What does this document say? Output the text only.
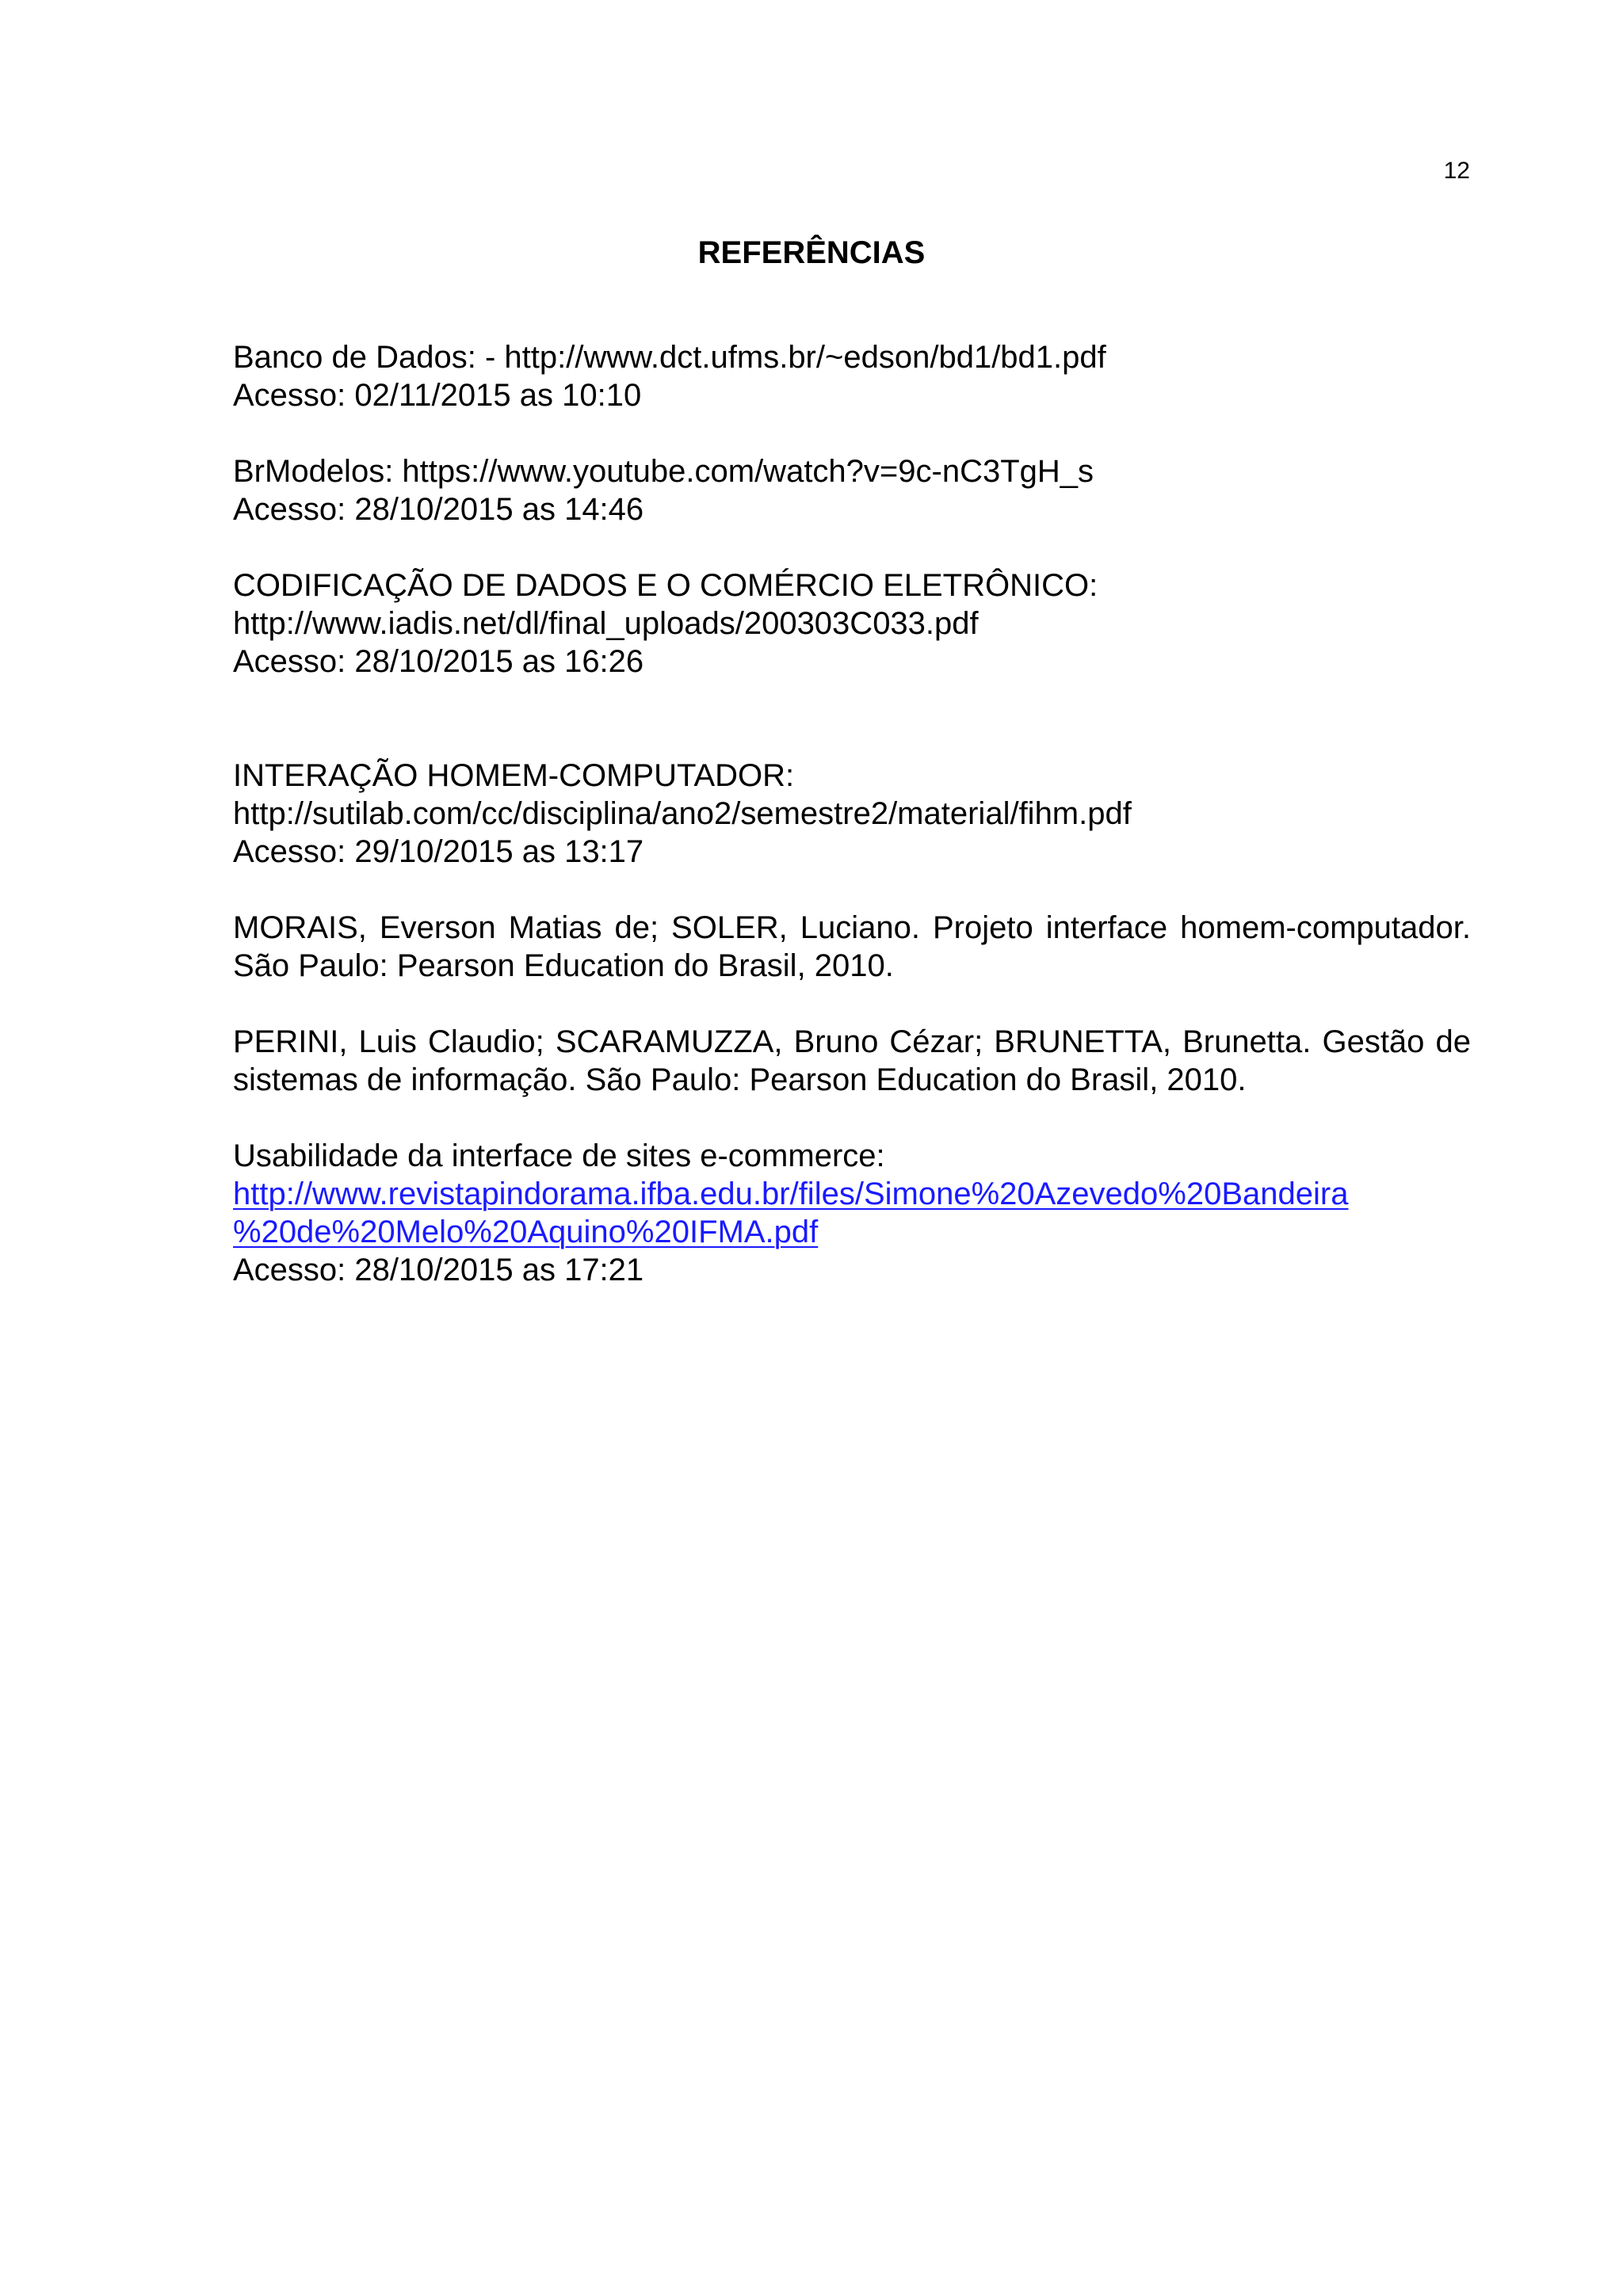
12
REFERÊNCIAS
Banco de Dados: - http://www.dct.ufms.br/~edson/bd1/bd1.pdf
Acesso: 02/11/2015 as 10:10
BrModelos: https://www.youtube.com/watch?v=9c-nC3TgH_s
Acesso: 28/10/2015 as 14:46
CODIFICAÇÃO DE DADOS E O COMÉRCIO ELETRÔNICO:
http://www.iadis.net/dl/final_uploads/200303C033.pdf
Acesso: 28/10/2015 as 16:26
INTERAÇÃO HOMEM-COMPUTADOR:
http://sutilab.com/cc/disciplina/ano2/semestre2/material/fihm.pdf
Acesso: 29/10/2015 as 13:17

MORAIS, Everson Matias de; SOLER, Luciano. Projeto interface homem-computador. São Paulo: Pearson Education do Brasil, 2010.

PERINI, Luis Claudio; SCARAMUZZA, Bruno Cézar; BRUNETTA, Brunetta. Gestão de sistemas de informação. São Paulo: Pearson Education do Brasil, 2010.

Usabilidade da interface de sites e-commerce:
http://www.revistapindorama.ifba.edu.br/files/Simone%20Azevedo%20Bandeira
%20de%20Melo%20Aquino%20IFMA.pdf
Acesso: 28/10/2015 as 17:21
